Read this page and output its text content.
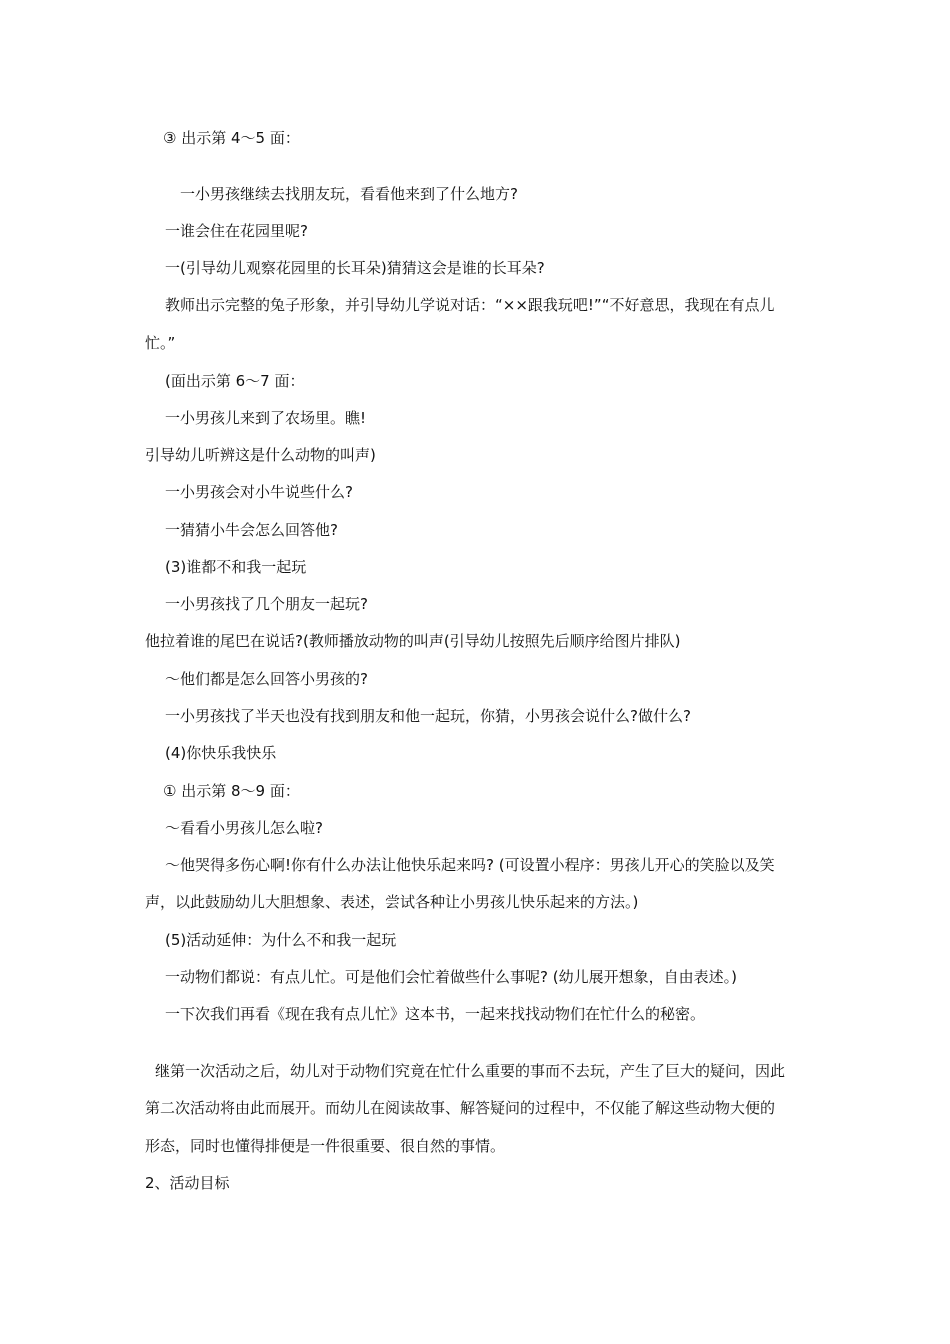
③ 出示第 4～5 面：
一小男孩继续去找朋友玩，看看他来到了什么地方?
一谁会住在花园里呢?
一(引导幼儿观察花园里的长耳朵)猜猜这会是谁的长耳朵?
教师出示完整的兔子形象，并引导幼儿学说对话：“××跟我玩吧!”“不好意思，我现在有点儿
忙。”
(面出示第 6～7 面：
一小男孩儿来到了农场里。瞧!
引导幼儿听辨这是什么动物的叫声)
一小男孩会对小牛说些什么?
一猜猜小牛会怎么回答他?
(3)谁都不和我一起玩
一小男孩找了几个朋友一起玩?
他拉着谁的尾巴在说话?(教师播放动物的叫声(引导幼儿按照先后顺序给图片排队)
～他们都是怎么回答小男孩的?
一小男孩找了半天也没有找到朋友和他一起玩，你猜，小男孩会说什么?做什么?
(4)你快乐我快乐
① 出示第 8～9 面：
～看看小男孩儿怎么啦?
～他哭得多伤心啊!你有什么办法让他快乐起来吗? (可设置小程序：男孩儿开心的笑脸以及笑
声，以此鼓励幼儿大胆想象、表述，尝试各种让小男孩儿快乐起来的方法。)
(5)活动延伸：为什么不和我一起玩
一动物们都说：有点儿忙。可是他们会忙着做些什么事呢? (幼儿展开想象，自由表述。)
一下次我们再看《现在我有点儿忙》这本书，一起来找找动物们在忙什么的秘密。
继第一次活动之后，幼儿对于动物们究竟在忙什么重要的事而不去玩，产生了巨大的疑问，因此
第二次活动将由此而展开。而幼儿在阅读故事、解答疑问的过程中，不仅能了解这些动物大便的
形态，同时也懂得排便是一件很重要、很自然的事情。
2、活动目标
